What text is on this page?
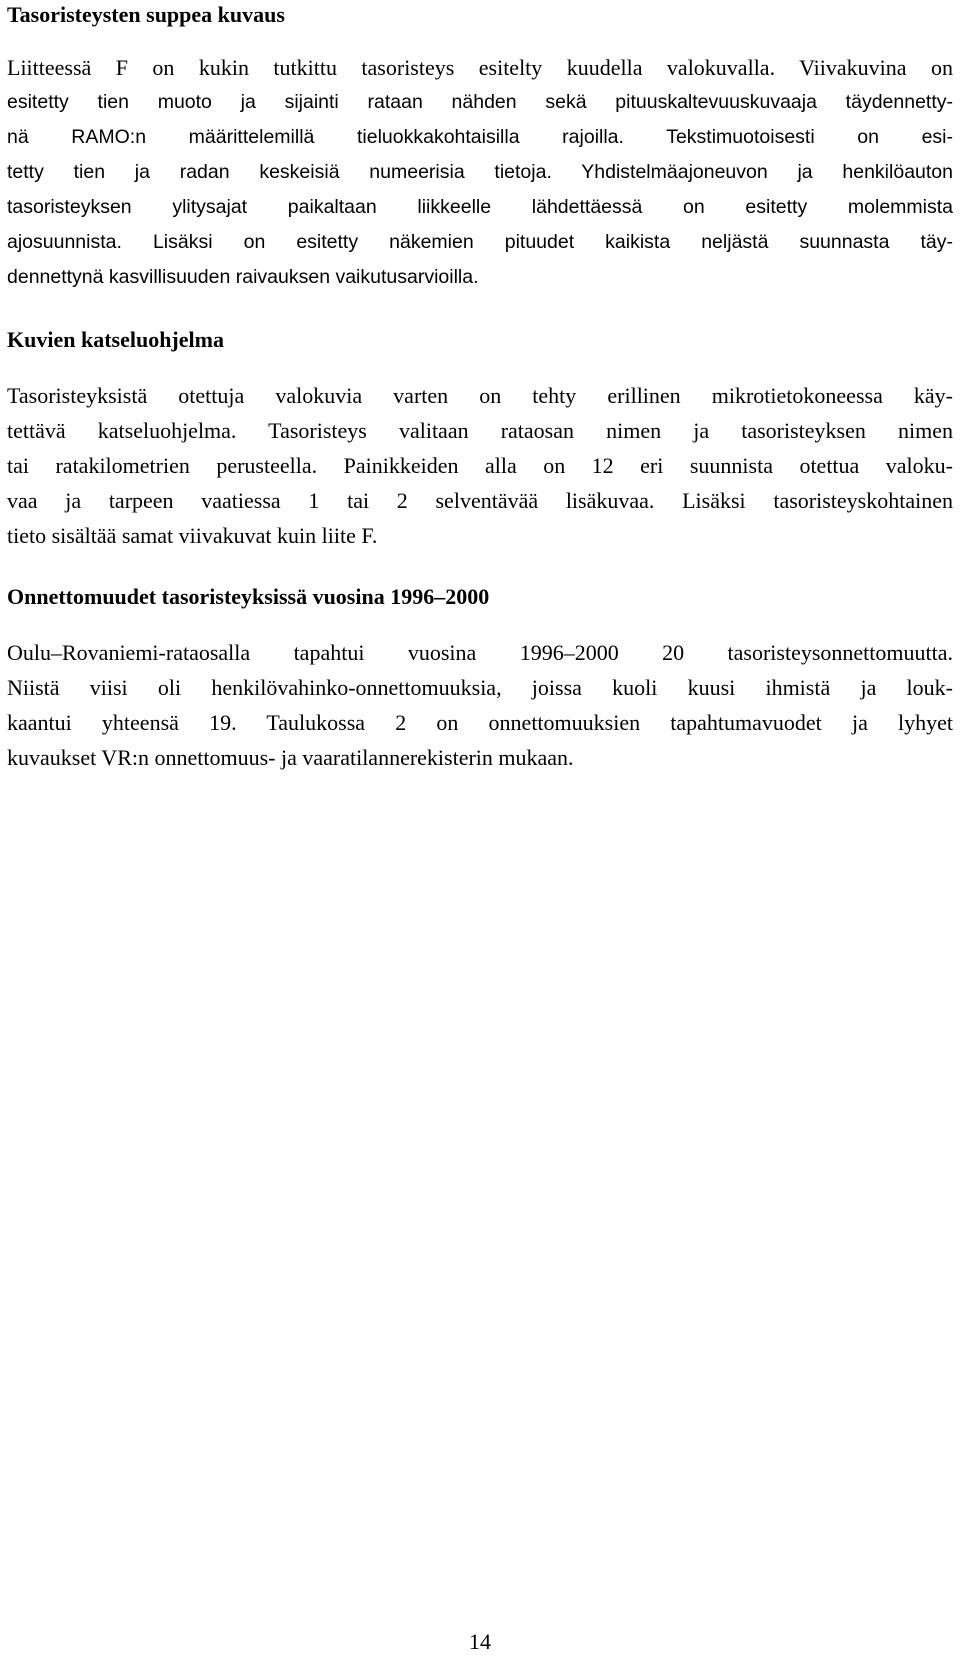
Tasoristeysten suppea kuvaus
Liitteessä F on kukin tutkittu tasoristeys esitelty kuudella valokuvalla. Viivakuvina on
esitetty tien muoto ja sijainti rataan nähden sekä pituuskaltevuuskuvaaja täydennetty-
nä RAMO:n määrittelemillä tieluokkakohtaisilla rajoilla. Tekstimuotoisesti on esi-
tetty tien ja radan keskeisiä numeerisia tietoja. Yhdistelmäajoneuvon ja henkilöauton
tasoristeyksen ylitysajat paikaltaan liikkeelle lähdettäessä on esitetty molemmista
ajosuunnista. Lisäksi on esitetty näkemien pituudet kaikista neljästä suunnasta täy-
dennettynä kasvillisuuden raivauksen vaikutusarvioilla.
Kuvien katseluohjelma
Tasoristeyksistä otettuja valokuvia varten on tehty erillinen mikrotietokoneessa käy-
tettävä katseluohjelma. Tasoristeys valitaan rataosan nimen ja tasoristeyksen nimen
tai ratakilometrien perusteella. Painikkeiden alla on 12 eri suunnista otettua valoku-
vaa ja tarpeen vaatiessa 1 tai 2 selventävää lisäkuvaa. Lisäksi tasoristeyskohtainen
tieto sisältää samat viivakuvat kuin liite F.
Onnettomuudet tasoristeyksissä vuosina 1996–2000
Oulu–Rovaniemi-rataosalla tapahtui vuosina 1996–2000 20 tasoristeysonnettomuutta.
Niistä viisi oli henkilövahinko-onnettomuuksia, joissa kuoli kuusi ihmistä ja louk-
kaantui yhteensä 19. Taulukossa 2 on onnettomuuksien tapahtumavuodet ja lyhyet
kuvaukset VR:n onnettomuus- ja vaaratilannerekisterin mukaan.
14
